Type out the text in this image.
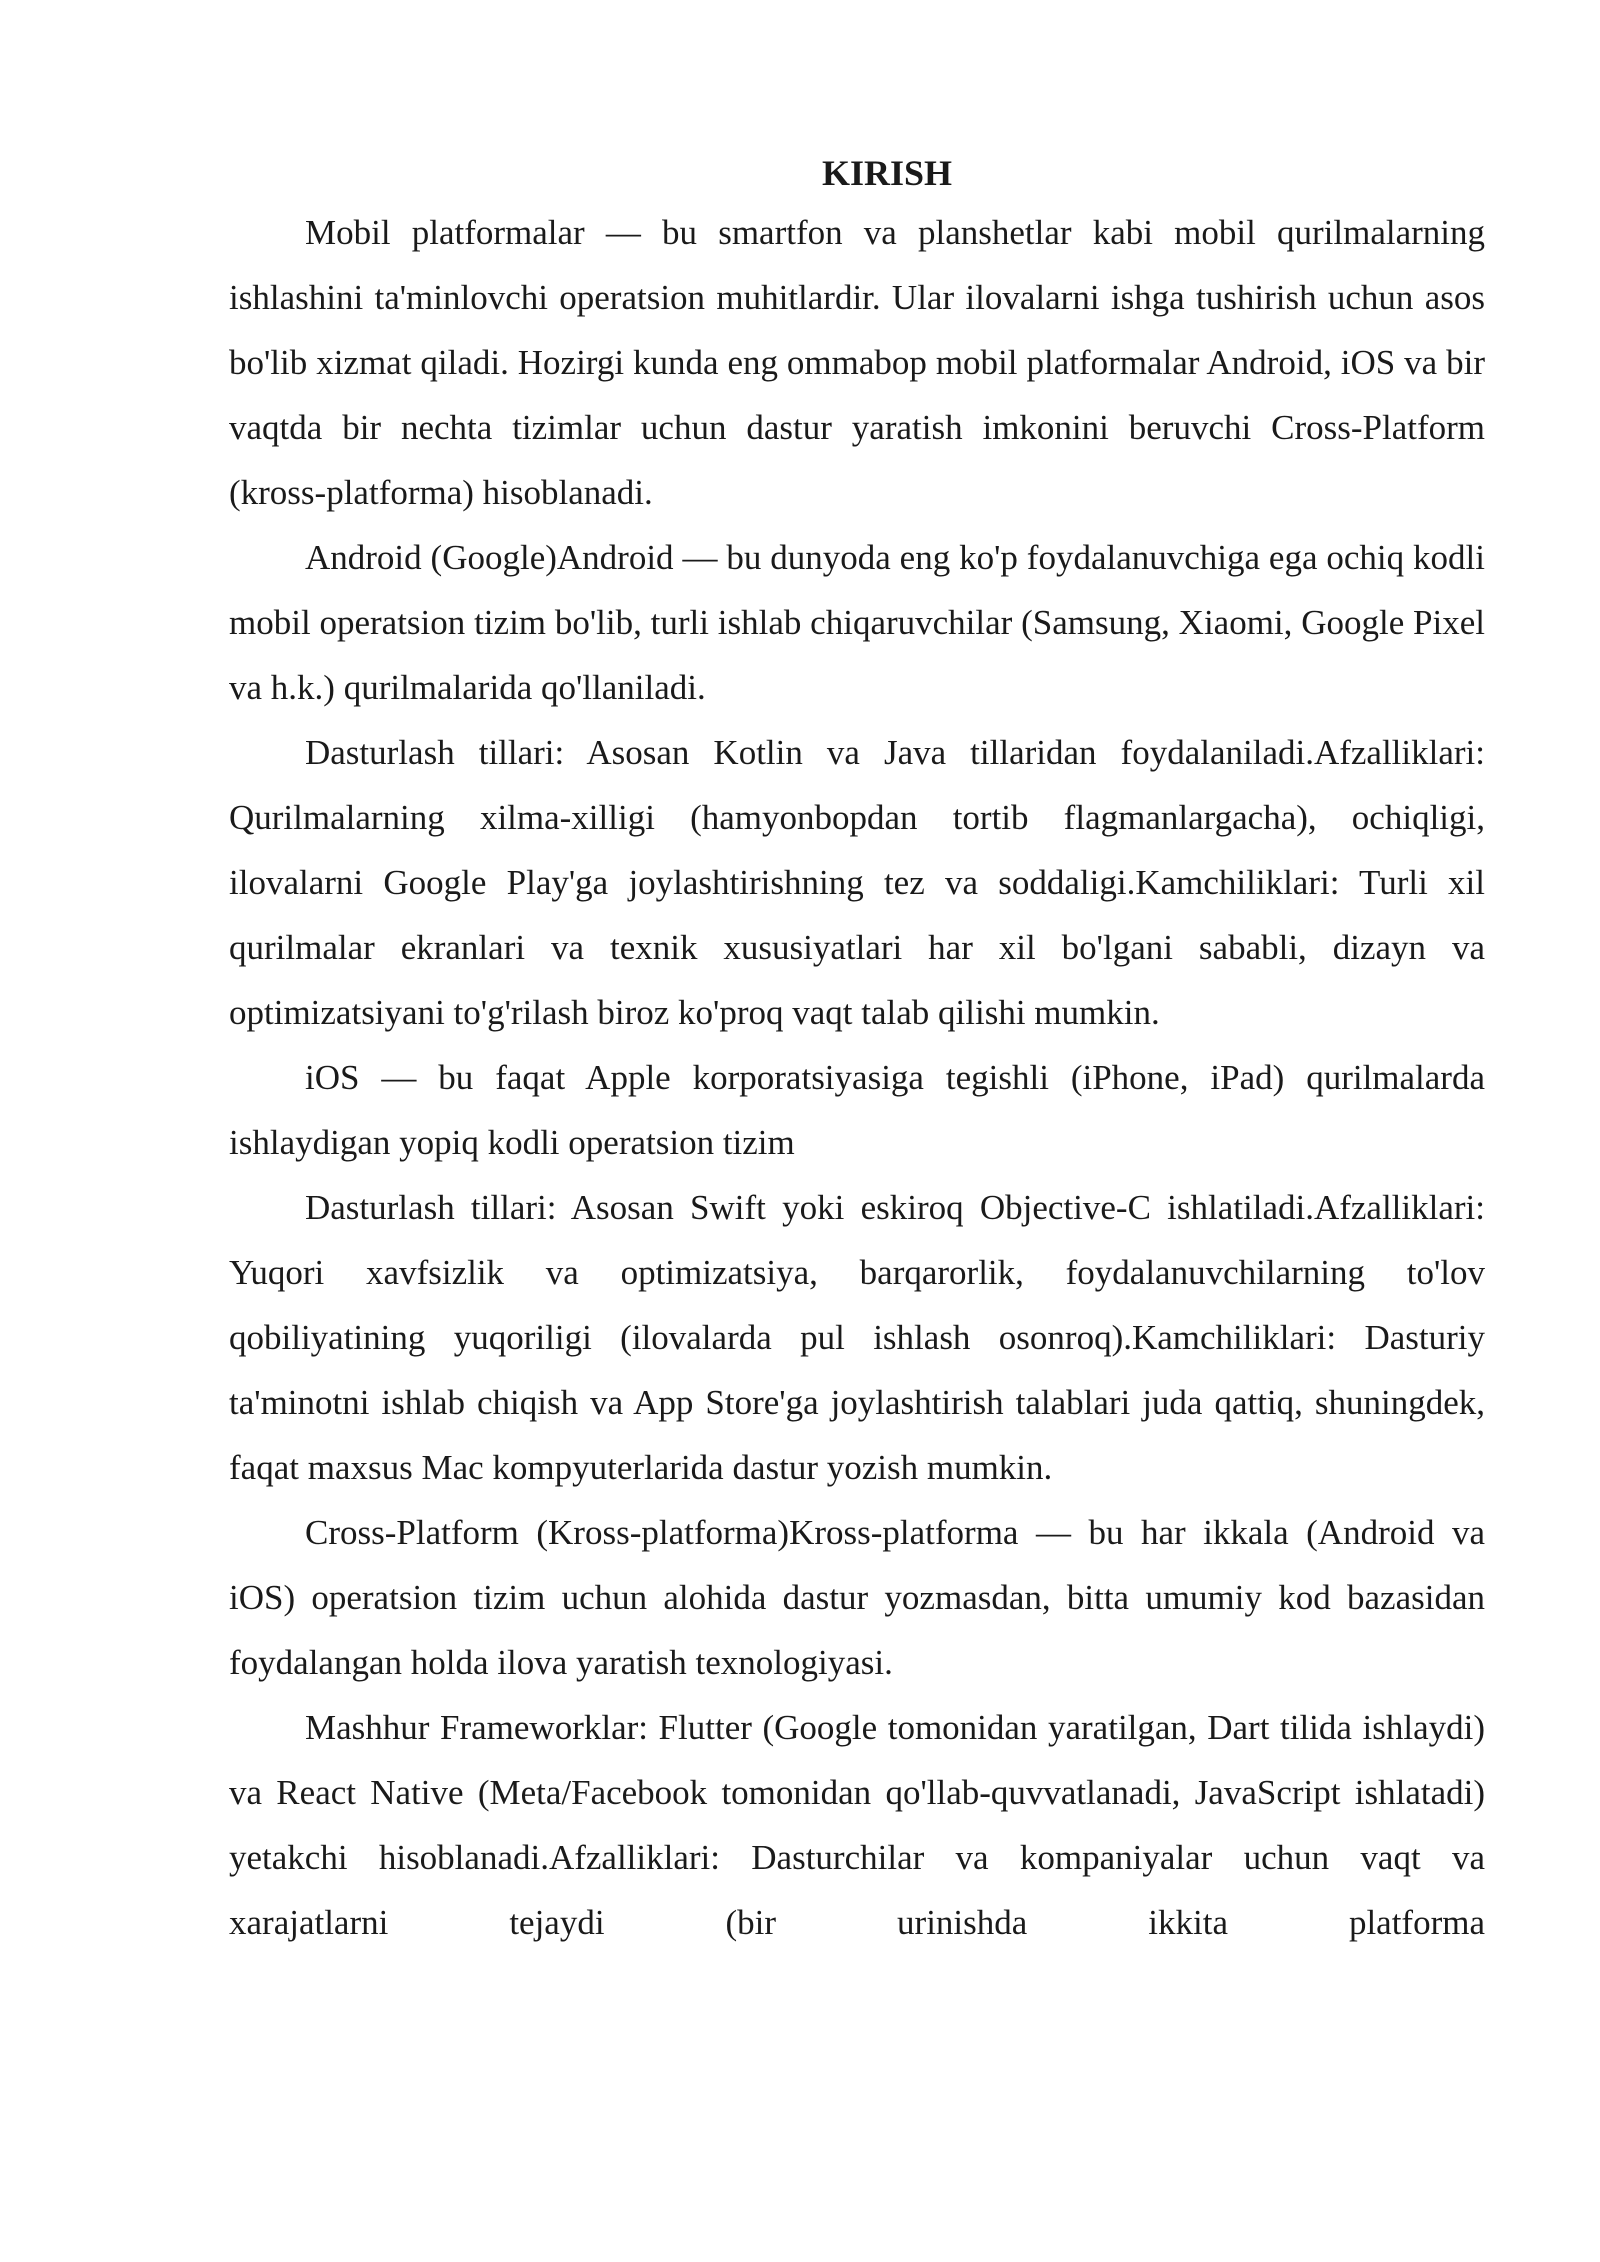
KIRISH

Mobil platformalar — bu smartfon va planshetlar kabi mobil qurilmalarning ishlashini ta'minlovchi operatsion muhitlardir. Ular ilovalarni ishga tushirish uchun asos bo'lib xizmat qiladi. Hozirgi kunda eng ommabop mobil platformalar Android, iOS va bir vaqtda bir nechta tizimlar uchun dastur yaratish imkonini beruvchi Cross-Platform (kross-platforma) hisoblanadi.

Android (Google)Android — bu dunyoda eng ko'p foydalanuvchiga ega ochiq kodli mobil operatsion tizim bo'lib, turli ishlab chiqaruvchilar (Samsung, Xiaomi, Google Pixel va h.k.) qurilmalarida qo'llaniladi.

Dasturlash tillari: Asosan Kotlin va Java tillaridan foydalaniladi.Afzalliklari: Qurilmalarning xilma-xilligi (hamyonbopdan tortib flagmanlargacha), ochiqligi, ilovalarni Google Play'ga joylashtirishning tez va soddaligi.Kamchiliklari: Turli xil qurilmalar ekranlari va texnik xususiyatlari har xil bo'lgani sababli, dizayn va optimizatsiyani to'g'rilash biroz ko'proq vaqt talab qilishi mumkin.

iOS — bu faqat Apple korporatsiyasiga tegishli (iPhone, iPad) qurilmalarda ishlaydigan yopiq kodli operatsion tizim

Dasturlash tillari: Asosan Swift yoki eskiroq Objective-C ishlatiladi.Afzalliklari: Yuqori xavfsizlik va optimizatsiya, barqarorlik, foydalanuvchilarning to'lov qobiliyatining yuqoriligi (ilovalarda pul ishlash osonroq).Kamchiliklari: Dasturiy ta'minotni ishlab chiqish va App Store'ga joylashtirish talablari juda qattiq, shuningdek, faqat maxsus Mac kompyuterlarida dastur yozish mumkin.

Cross-Platform (Kross-platforma)Kross-platforma — bu har ikkala (Android va iOS) operatsion tizim uchun alohida dastur yozmasdan, bitta umumiy kod bazasidan foydalangan holda ilova yaratish texnologiyasi.

Mashhur Frameworklar: Flutter (Google tomonidan yaratilgan, Dart tilida ishlaydi) va React Native (Meta/Facebook tomonidan qo'llab-quvvatlanadi, JavaScript ishlatadi) yetakchi hisoblanadi.Afzalliklari: Dasturchilar va kompaniyalar uchun vaqt va xarajatlarni tejaydi (bir urinishda ikkita platforma
